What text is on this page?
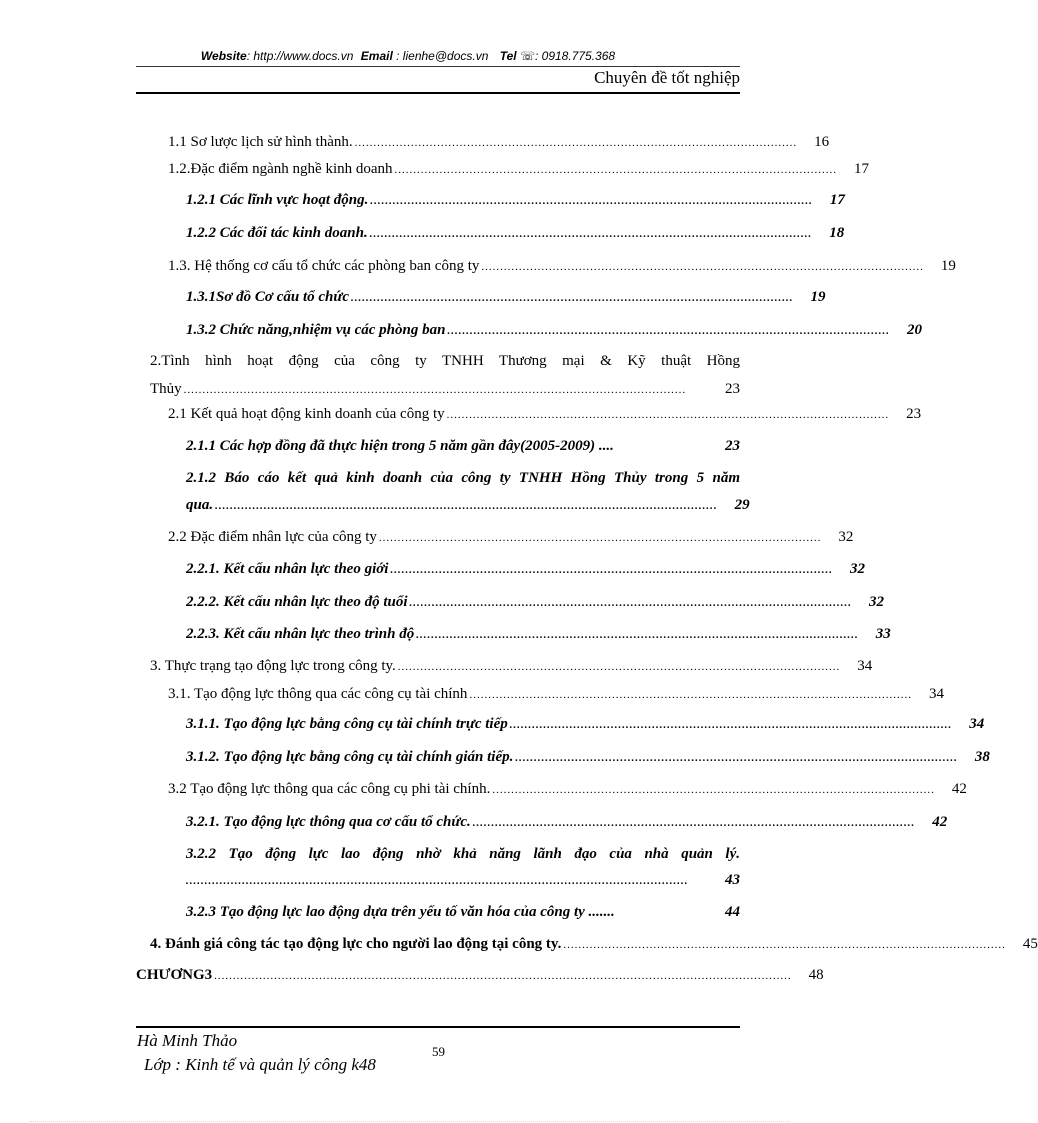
Website: http://www.docs.vn Email : lienhe@docs.vn Tel ☏: 0918.775.368
Chuyên đề tốt nghiệp
1.1 Sơ lược lịch sử hình thành. ......................................................................................................................	16
1.2.Đặc điểm ngành nghề kinh doanh ......................................................................................................................	17
1.2.1 Các lĩnh vực hoạt động. ......................................................................................................................	17
1.2.2 Các đối tác kinh doanh. ......................................................................................................................	18
1.3. Hệ thống cơ cấu tổ chức các phòng ban công ty ......................................................................................................................	19
1.3.1Sơ đồ Cơ cấu tổ chức ......................................................................................................................	19
1.3.2 Chức năng,nhiệm vụ các phòng ban ......................................................................................................................	20
2.Tình hình hoạt động của công ty TNHH Thương mại & Kỹ thuật Hồng
Thủy ......................................................................................................................................	23
2.1 Kết quả hoạt động kinh doanh của công ty ......................................................................................................................	23
2.1.1 Các hợp đồng đã thực hiện trong 5 năm gần đây(2005-2009) ....	23
2.1.2 Báo cáo kết quả kinh doanh của công ty TNHH Hồng Thủy trong 5 năm
qua. ......................................................................................................................................	29
2.2 Đặc điểm nhân lực của công ty ......................................................................................................................	32
2.2.1. Kết cấu nhân lực theo giới ......................................................................................................................	32
2.2.2. Kết cấu nhân lực theo độ tuổi ......................................................................................................................	32
2.2.3. Kết cấu nhân lực theo trình độ ......................................................................................................................	33
3. Thực trạng tạo động lực trong công ty. ......................................................................................................................	34
3.1. Tạo động lực thông qua các công cụ tài chính ......................................................................................................................	34
3.1.1. Tạo động lực bằng công cụ tài chính trực tiếp ......................................................................................................................	34
3.1.2. Tạo động lực bằng công cụ tài chính gián tiếp. ......................................................................................................................	38
3.2 Tạo động lực thông qua các công cụ phi tài chính. ......................................................................................................................	42
3.2.1. Tạo động lực thông qua cơ cấu tổ chức. ......................................................................................................................	42
3.2.2 Tạo động lực lao động nhờ khả năng lãnh đạo của nhà quản lý.
......................................................................................................................................	43
3.2.3 Tạo động lực lao động dựa trên yếu tố văn hóa của công ty .......	44
4. Đánh giá công tác tạo động lực cho người lao động tại công ty. ......................................................................................................................	45
CHƯƠNG3 ..........................................................................................................................................................	48
Hà Minh Thảo
59
Lớp : Kinh tế và quản lý công k48
